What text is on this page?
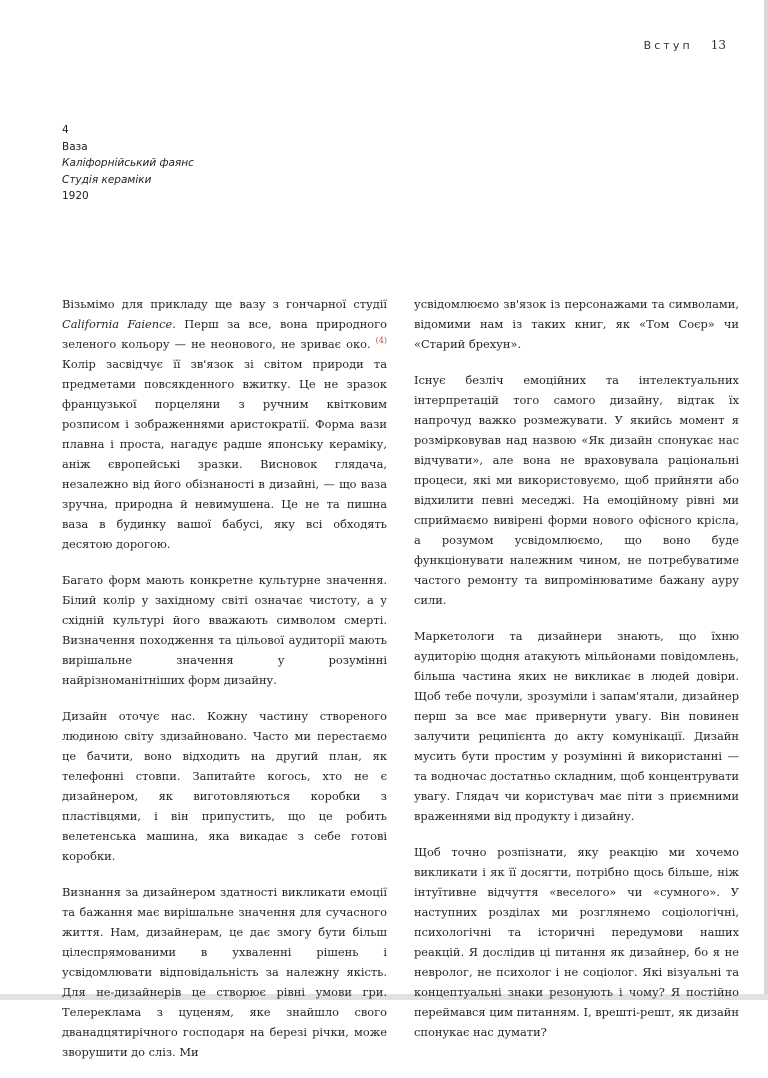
Вступ 13
4
Ваза
Каліфорнійський фаянс
Студія кераміки
1920

Візьмімо для прикладу ще вазу з гончарної студії California Faience. Перш за все, вона природного зеленого кольору — не неонового, не зриває око. $^{(4)}$ Колір засвідчує її зв'язок зі світом природи та предметами повсякденного вжитку. Це не зразок французької порцеляни з ручним квітковим розписом і зображеннями аристократії. Форма вази плавна і проста, нагадує радше японську кераміку, аніж європейські зразки. Висновок глядача, незалежно від його обізнаності в дизайні, — що ваза зручна, природна й невимушена. Це не та пишна ваза в будинку вашої бабусі, яку всі обходять десятою дорогою.

Багато форм мають конкретне культурне значення. Білий колір у західному світі означає чистоту, а у східній культурі його вважають символом смерті. Визначення походження та цільової аудиторії мають вирішальне значення у розумінні найрізноманітніших форм дизайну.

Дизайн оточує нас. Кожну частину створеного людиною світу здизайновано. Часто ми перестаємо це бачити, воно відходить на другий план, як телефонні стовпи. Запитайте когось, хто не є дизайнером, як виготовляються коробки з пластівцями, і він припустить, що це робить велетенська машина, яка викадає з себе готові коробки.

Визнання за дизайнером здатності викликати емоції та бажання має вирішальне значення для сучасного життя. Нам, дизайнерам, це дає змогу бути більш цілеспрямованими в ухваленні рішень і усвідомлювати відповідальність за належну якість. Для не-дизайнерів це створює рівні умови гри. Телереклама з цуценям, яке знайшло свого дванадцятирічного господаря на березі річки, може зворушити до сліз. Ми

усвідомлюємо зв'язок із персонажами та символами, відомими нам із таких книг, як «Том Соєр» чи «Старий брехун».

Існує безліч емоційних та інтелектуальних інтерпретацій того самого дизайну, відтак їх напрочуд важко розмежувати. У якийсь момент я розмірковував над назвою «Як дизайн спонукає нас відчувати», але вона не враховувала раціональні процеси, які ми використовуємо, щоб прийняти або відхилити певні меседжі. На емоційному рівні ми сприймаємо вивірені форми нового офісного крісла, а розумом усвідомлюємо, що воно буде функціонувати належним чином, не потребуватиме частого ремонту та випромінюватиме бажану ауру сили.

Маркетологи та дизайнери знають, що їхню аудиторію щодня атакують мільйонами повідомлень, більша частина яких не викликає в людей довіри. Щоб тебе почули, зрозуміли і запам'ятали, дизайнер перш за все має привернути увагу. Він повинен залучити реципієнта до акту комунікації. Дизайн мусить бути простим у розумінні й використанні — та водночас достатньо складним, щоб концентрувати увагу. Глядач чи користувач має піти з приємними враженнями від продукту і дизайну.

Щоб точно розпізнати, яку реакцію ми хочемо викликати і як її досягти, потрібно щось більше, ніж інтуїтивне відчуття «веселого» чи «сумного». У наступних розділах ми розглянемо соціологічні, психологічні та історичні передумови наших реакцій. Я дослідив ці питання як дизайнер, бо я не невролог, не психолог і не соціолог. Які візуальні та концептуальні знаки резонують і чому? Я постійно переймався цим питанням. І, врешті-решт, як дизайн спонукає нас думати?
